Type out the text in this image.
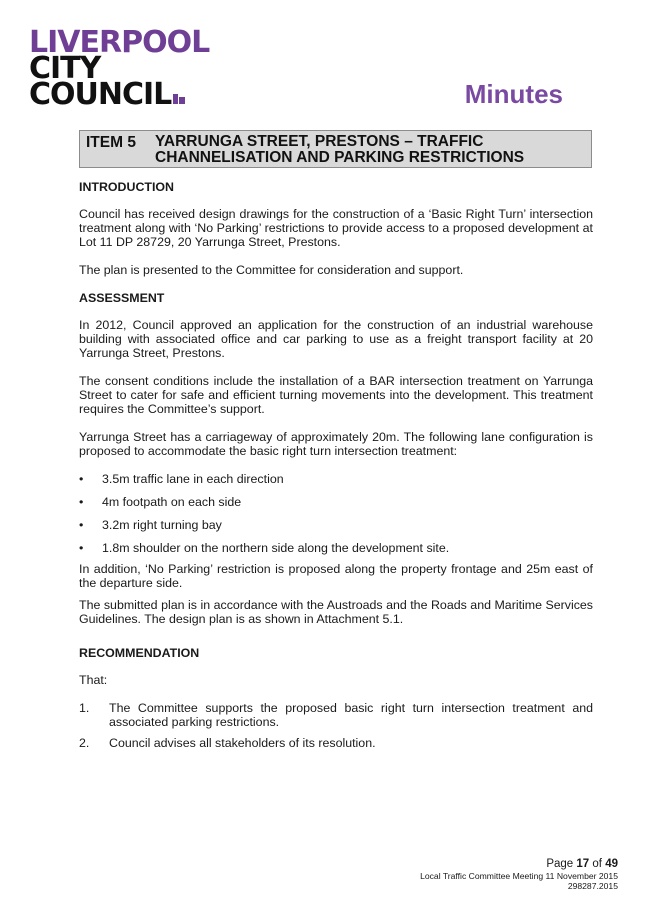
LIVERPOOL
CITY
COUNCIL	Minutes
ITEM 5 YARRUNGA STREET, PRESTONS – TRAFFIC CHANNELISATION AND PARKING RESTRICTIONS
INTRODUCTION

Council has received design drawings for the construction of a ‘Basic Right Turn’ intersection treatment along with ‘No Parking’ restrictions to provide access to a proposed development at Lot 11 DP 28729, 20 Yarrunga Street, Prestons.

The plan is presented to the Committee for consideration and support.

ASSESSMENT

In 2012, Council approved an application for the construction of an industrial warehouse building with associated office and car parking to use as a freight transport facility at 20 Yarrunga Street, Prestons.

The consent conditions include the installation of a BAR intersection treatment on Yarrunga Street to cater for safe and efficient turning movements into the development. This treatment requires the Committee’s support.

Yarrunga Street has a carriageway of approximately 20m. The following lane configuration is proposed to accommodate the basic right turn intersection treatment:

• 3.5m traffic lane in each direction
• 4m footpath on each side
• 3.2m right turning bay
• 1.8m shoulder on the northern side along the development site.

In addition, ‘No Parking’ restriction is proposed along the property frontage and 25m east of the departure side.

The submitted plan is in accordance with the Austroads and the Roads and Maritime Services Guidelines. The design plan is as shown in Attachment 5.1.

RECOMMENDATION

That:

1. The Committee supports the proposed basic right turn intersection treatment and associated parking restrictions.
2. Council advises all stakeholders of its resolution.
Page 17 of 49
Local Traffic Committee Meeting 11 November 2015
298287.2015
